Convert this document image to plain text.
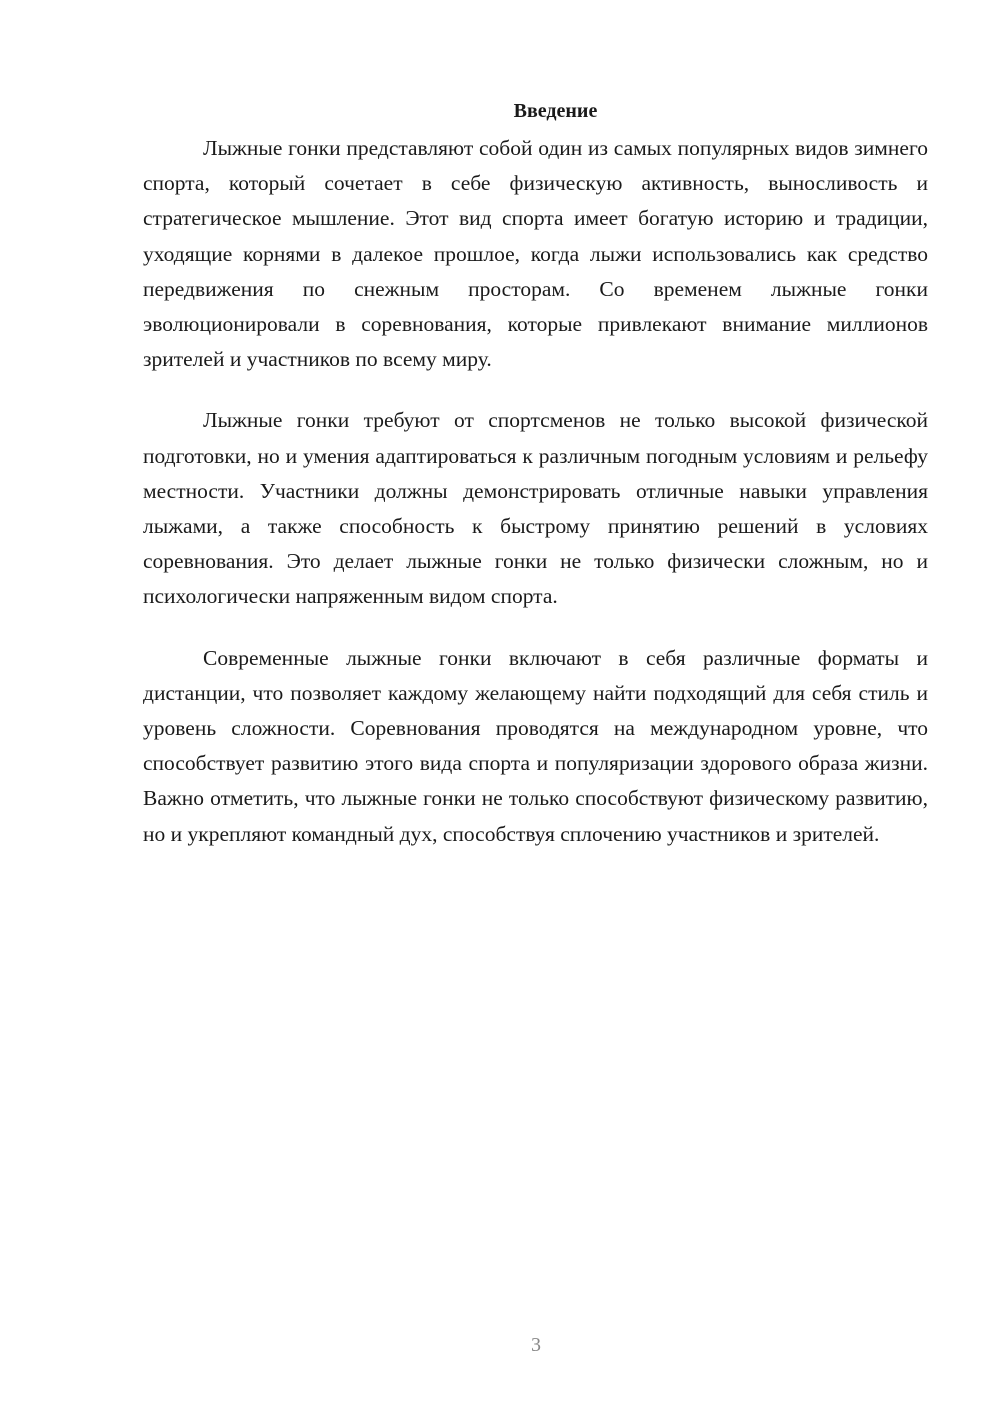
Введение

Лыжные гонки представляют собой один из самых популярных видов зимнего спорта, который сочетает в себе физическую активность, выносливость и стратегическое мышление. Этот вид спорта имеет богатую историю и традиции, уходящие корнями в далекое прошлое, когда лыжи использовались как средство передвижения по снежным просторам. Со временем лыжные гонки эволюционировали в соревнования, которые привлекают внимание миллионов зрителей и участников по всему миру.

Лыжные гонки требуют от спортсменов не только высокой физической подготовки, но и умения адаптироваться к различным погодным условиям и рельефу местности. Участники должны демонстрировать отличные навыки управления лыжами, а также способность к быстрому принятию решений в условиях соревнования. Это делает лыжные гонки не только физически сложным, но и психологически напряженным видом спорта.

Современные лыжные гонки включают в себя различные форматы и дистанции, что позволяет каждому желающему найти подходящий для себя стиль и уровень сложности. Соревнования проводятся на международном уровне, что способствует развитию этого вида спорта и популяризации здорового образа жизни. Важно отметить, что лыжные гонки не только способствуют физическому развитию, но и укрепляют командный дух, способствуя сплочению участников и зрителей.

3
